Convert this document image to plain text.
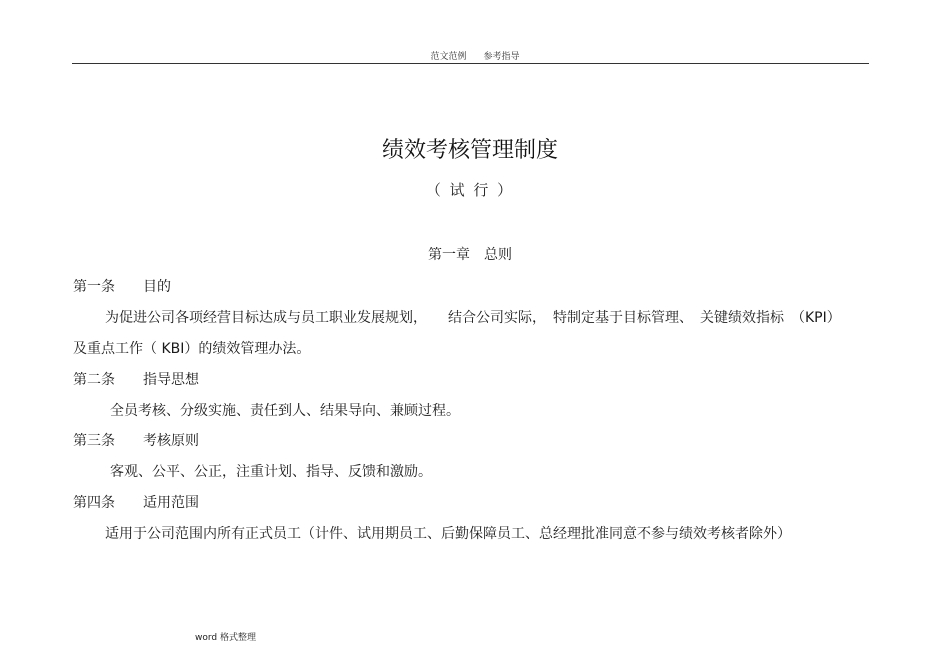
范文范例 参考指导
绩效考核管理制度
（ 试 行 ）
第一章 总则
第一条 目的
为促进公司各项经营目标达成与员工职业发展规划，　　结合公司实际，　特制定基于目标管理、　关键绩效指标　（KPI）
及重点工作（ KBI）的绩效管理办法。
第二条 指导思想
全员考核、分级实施、责任到人、结果导向、兼顾过程。
第三条 考核原则
客观、公平、公正，注重计划、指导、反馈和激励。
第四条 适用范围
适用于公司范围内所有正式员工（计件、试用期员工、后勤保障员工、总经理批准同意不参与绩效考核者除外）
word 格式整理
